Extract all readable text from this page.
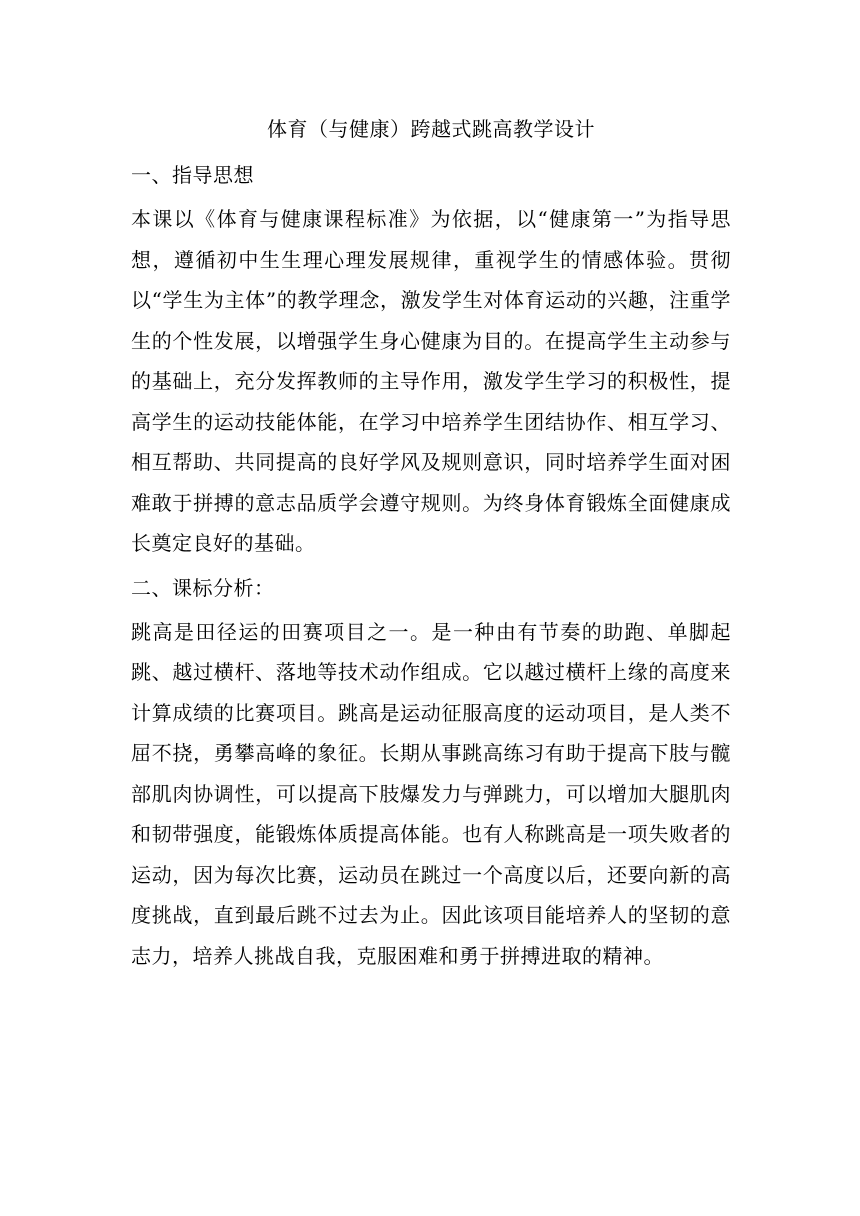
体育（与健康）跨越式跳高教学设计
一、指导思想

本课以《体育与健康课程标准》为依据，以“健康第一”为指导思想，遵循初中生生理心理发展规律，重视学生的情感体验。贯彻以“学生为主体”的教学理念，激发学生对体育运动的兴趣，注重学生的个性发展，以增强学生身心健康为目的。在提高学生主动参与的基础上，充分发挥教师的主导作用，激发学生学习的积极性，提高学生的运动技能体能，在学习中培养学生团结协作、相互学习、相互帮助、共同提高的良好学风及规则意识，同时培养学生面对困难敢于拼搏的意志品质学会遵守规则。为终身体育锻炼全面健康成长奠定良好的基础。

二、课标分析：

跳高是田径运的田赛项目之一。是一种由有节奏的助跑、单脚起跳、越过横杆、落地等技术动作组成。它以越过横杆上缘的高度来计算成绩的比赛项目。跳高是运动征服高度的运动项目，是人类不屈不挠，勇攀高峰的象征。长期从事跳高练习有助于提高下肢与髋部肌肉协调性，可以提高下肢爆发力与弹跳力，可以增加大腿肌肉和韧带强度，能锻炼体质提高体能。也有人称跳高是一项失败者的运动，因为每次比赛，运动员在跳过一个高度以后，还要向新的高度挑战，直到最后跳不过去为止。因此该项目能培养人的坚韧的意志力，培养人挑战自我，克服困难和勇于拼搏进取的精神。
